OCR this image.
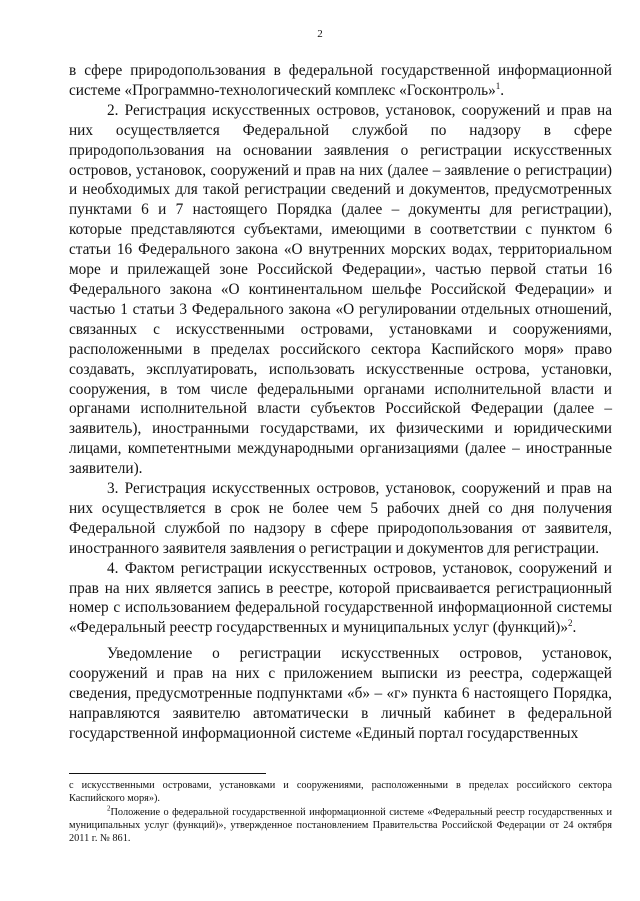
2

в сфере природопользования в федеральной государственной информационной системе «Программно-технологический комплекс «Госконтроль»$^1$.

2. Регистрация искусственных островов, установок, сооружений и прав на них осуществляется Федеральной службой по надзору в сфере природопользования на основании заявления о регистрации искусственных островов, установок, сооружений и прав на них (далее – заявление о регистрации) и необходимых для такой регистрации сведений и документов, предусмотренных пунктами 6 и 7 настоящего Порядка (далее – документы для регистрации), которые представляются субъектами, имеющими в соответствии с пунктом 6 статьи 16 Федерального закона «О внутренних морских водах, территориальном море и прилежащей зоне Российской Федерации», частью первой статьи 16 Федерального закона «О континентальном шельфе Российской Федерации» и частью 1 статьи 3 Федерального закона «О регулировании отдельных отношений, связанных с искусственными островами, установками и сооружениями, расположенными в пределах российского сектора Каспийского моря» право создавать, эксплуатировать, использовать искусственные острова, установки, сооружения, в том числе федеральными органами исполнительной власти и органами исполнительной власти субъектов Российской Федерации (далее – заявитель), иностранными государствами, их физическими и юридическими лицами, компетентными международными организациями (далее – иностранные заявители).

3. Регистрация искусственных островов, установок, сооружений и прав на них осуществляется в срок не более чем 5 рабочих дней со дня получения Федеральной службой по надзору в сфере природопользования от заявителя, иностранного заявителя заявления о регистрации и документов для регистрации.

4. Фактом регистрации искусственных островов, установок, сооружений и прав на них является запись в реестре, которой присваивается регистрационный номер с использованием федеральной государственной информационной системы «Федеральный реестр государственных и муниципальных услуг (функций)»$^2$.

Уведомление о регистрации искусственных островов, установок, сооружений и прав на них с приложением выписки из реестра, содержащей сведения, предусмотренные подпунктами «б» – «г» пункта 6 настоящего Порядка, направляются заявителю автоматически в личный кабинет в федеральной государственной информационной системе «Единый портал государственных

с искусственными островами, установками и сооружениями, расположенными в пределах российского сектора Каспийского моря»).

$^2$Положение о федеральной государственной информационной системе «Федеральный реестр государственных и муниципальных услуг (функций)», утвержденное постановлением Правительства Российской Федерации от 24 октября 2011 г. № 861.
